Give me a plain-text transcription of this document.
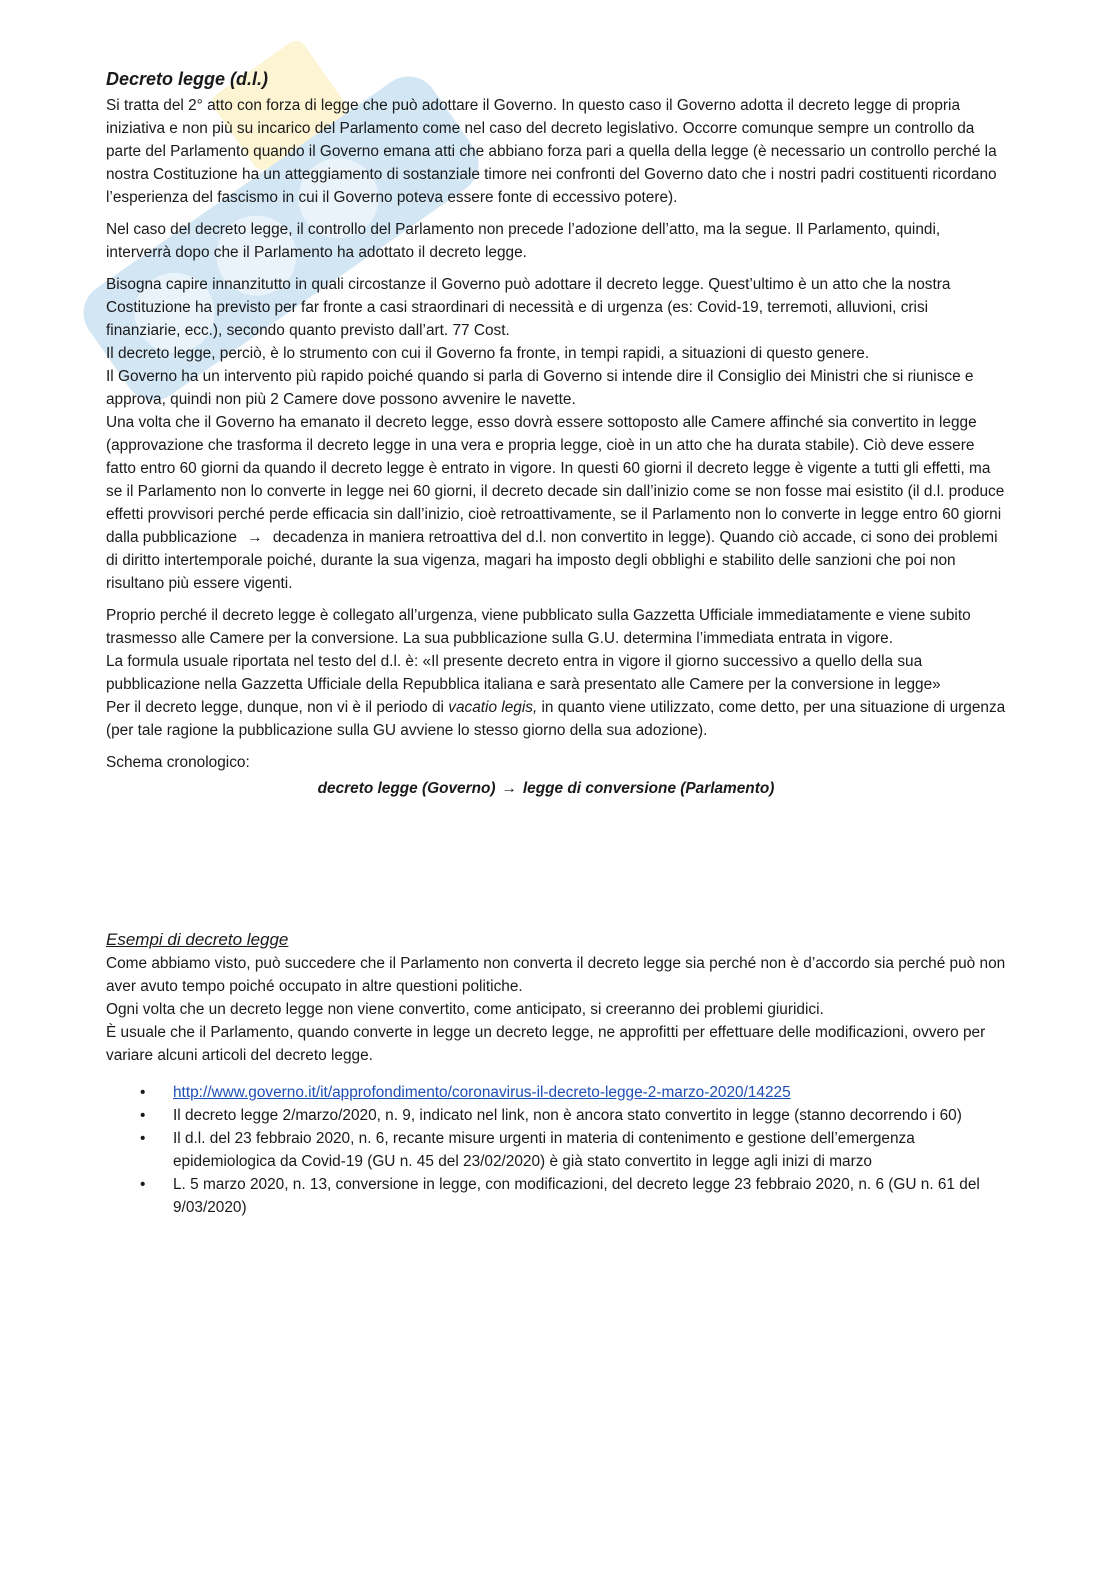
Decreto legge (d.l.)

Si tratta del 2° atto con forza di legge che può adottare il Governo. In questo caso il Governo adotta il decreto legge di propria iniziativa e non più su incarico del Parlamento come nel caso del decreto legislativo. Occorre comunque sempre un controllo da parte del Parlamento quando il Governo emana atti che abbiano forza pari a quella della legge (è necessario un controllo perché la nostra Costituzione ha un atteggiamento di sostanziale timore nei confronti del Governo dato che i nostri padri costituenti ricordano l’esperienza del fascismo in cui il Governo poteva essere fonte di eccessivo potere).

Nel caso del decreto legge, il controllo del Parlamento non precede l’adozione dell’atto, ma la segue. Il Parlamento, quindi, interverrà dopo che il Parlamento ha adottato il decreto legge.

Bisogna capire innanzitutto in quali circostanze il Governo può adottare il decreto legge. Quest’ultimo è un atto che la nostra Costituzione ha previsto per far fronte a casi straordinari di necessità e di urgenza (es: Covid-19, terremoti, alluvioni, crisi finanziarie, ecc.), secondo quanto previsto dall’art. 77 Cost.

Il decreto legge, perciò, è lo strumento con cui il Governo fa fronte, in tempi rapidi, a situazioni di questo genere.

Il Governo ha un intervento più rapido poiché quando si parla di Governo si intende dire il Consiglio dei Ministri che si riunisce e approva, quindi non più 2 Camere dove possono avvenire le navette.

Una volta che il Governo ha emanato il decreto legge, esso dovrà essere sottoposto alle Camere affinché sia convertito in legge (approvazione che trasforma il decreto legge in una vera e propria legge, cioè in un atto che ha durata stabile). Ciò deve essere fatto entro 60 giorni da quando il decreto legge è entrato in vigore. In questi 60 giorni il decreto legge è vigente a tutti gli effetti, ma se il Parlamento non lo converte in legge nei 60 giorni, il decreto decade sin dall’inizio come se non fosse mai esistito (il d.l. produce effetti provvisori perché perde efficacia sin dall’inizio, cioè retroattivamente, se il Parlamento non lo converte in legge entro 60 giorni dalla pubblicazione → decadenza in maniera retroattiva del d.l. non convertito in legge). Quando ciò accade, ci sono dei problemi di diritto intertemporale poiché, durante la sua vigenza, magari ha imposto degli obblighi e stabilito delle sanzioni che poi non risultano più essere vigenti.

Proprio perché il decreto legge è collegato all’urgenza, viene pubblicato sulla Gazzetta Ufficiale immediatamente e viene subito trasmesso alle Camere per la conversione. La sua pubblicazione sulla G.U. determina l’immediata entrata in vigore.

La formula usuale riportata nel testo del d.l. è: «Il presente decreto entra in vigore il giorno successivo a quello della sua pubblicazione nella Gazzetta Ufficiale della Repubblica italiana e sarà presentato alle Camere per la conversione in legge»

Per il decreto legge, dunque, non vi è il periodo di vacatio legis, in quanto viene utilizzato, come detto, per una situazione di urgenza (per tale ragione la pubblicazione sulla GU avviene lo stesso giorno della sua adozione).

Schema cronologico:

decreto legge (Governo) → legge di conversione (Parlamento)
Esempi di decreto legge

Come abbiamo visto, può succedere che il Parlamento non converta il decreto legge sia perché non è d’accordo sia perché può non aver avuto tempo poiché occupato in altre questioni politiche.

Ogni volta che un decreto legge non viene convertito, come anticipato, si creeranno dei problemi giuridici.

È usuale che il Parlamento, quando converte in legge un decreto legge, ne approfitti per effettuare delle modificazioni, ovvero per variare alcuni articoli del decreto legge.

• http://www.governo.it/it/approfondimento/coronavirus-il-decreto-legge-2-marzo-2020/14225
• Il decreto legge 2/marzo/2020, n. 9, indicato nel link, non è ancora stato convertito in legge (stanno decorrendo i 60)
• Il d.l. del 23 febbraio 2020, n. 6, recante misure urgenti in materia di contenimento e gestione dell’emergenza epidemiologica da Covid-19 (GU n. 45 del 23/02/2020) è già stato convertito in legge agli inizi di marzo
• L. 5 marzo 2020, n. 13, conversione in legge, con modificazioni, del decreto legge 23 febbraio 2020, n. 6 (GU n. 61 del 9/03/2020)
